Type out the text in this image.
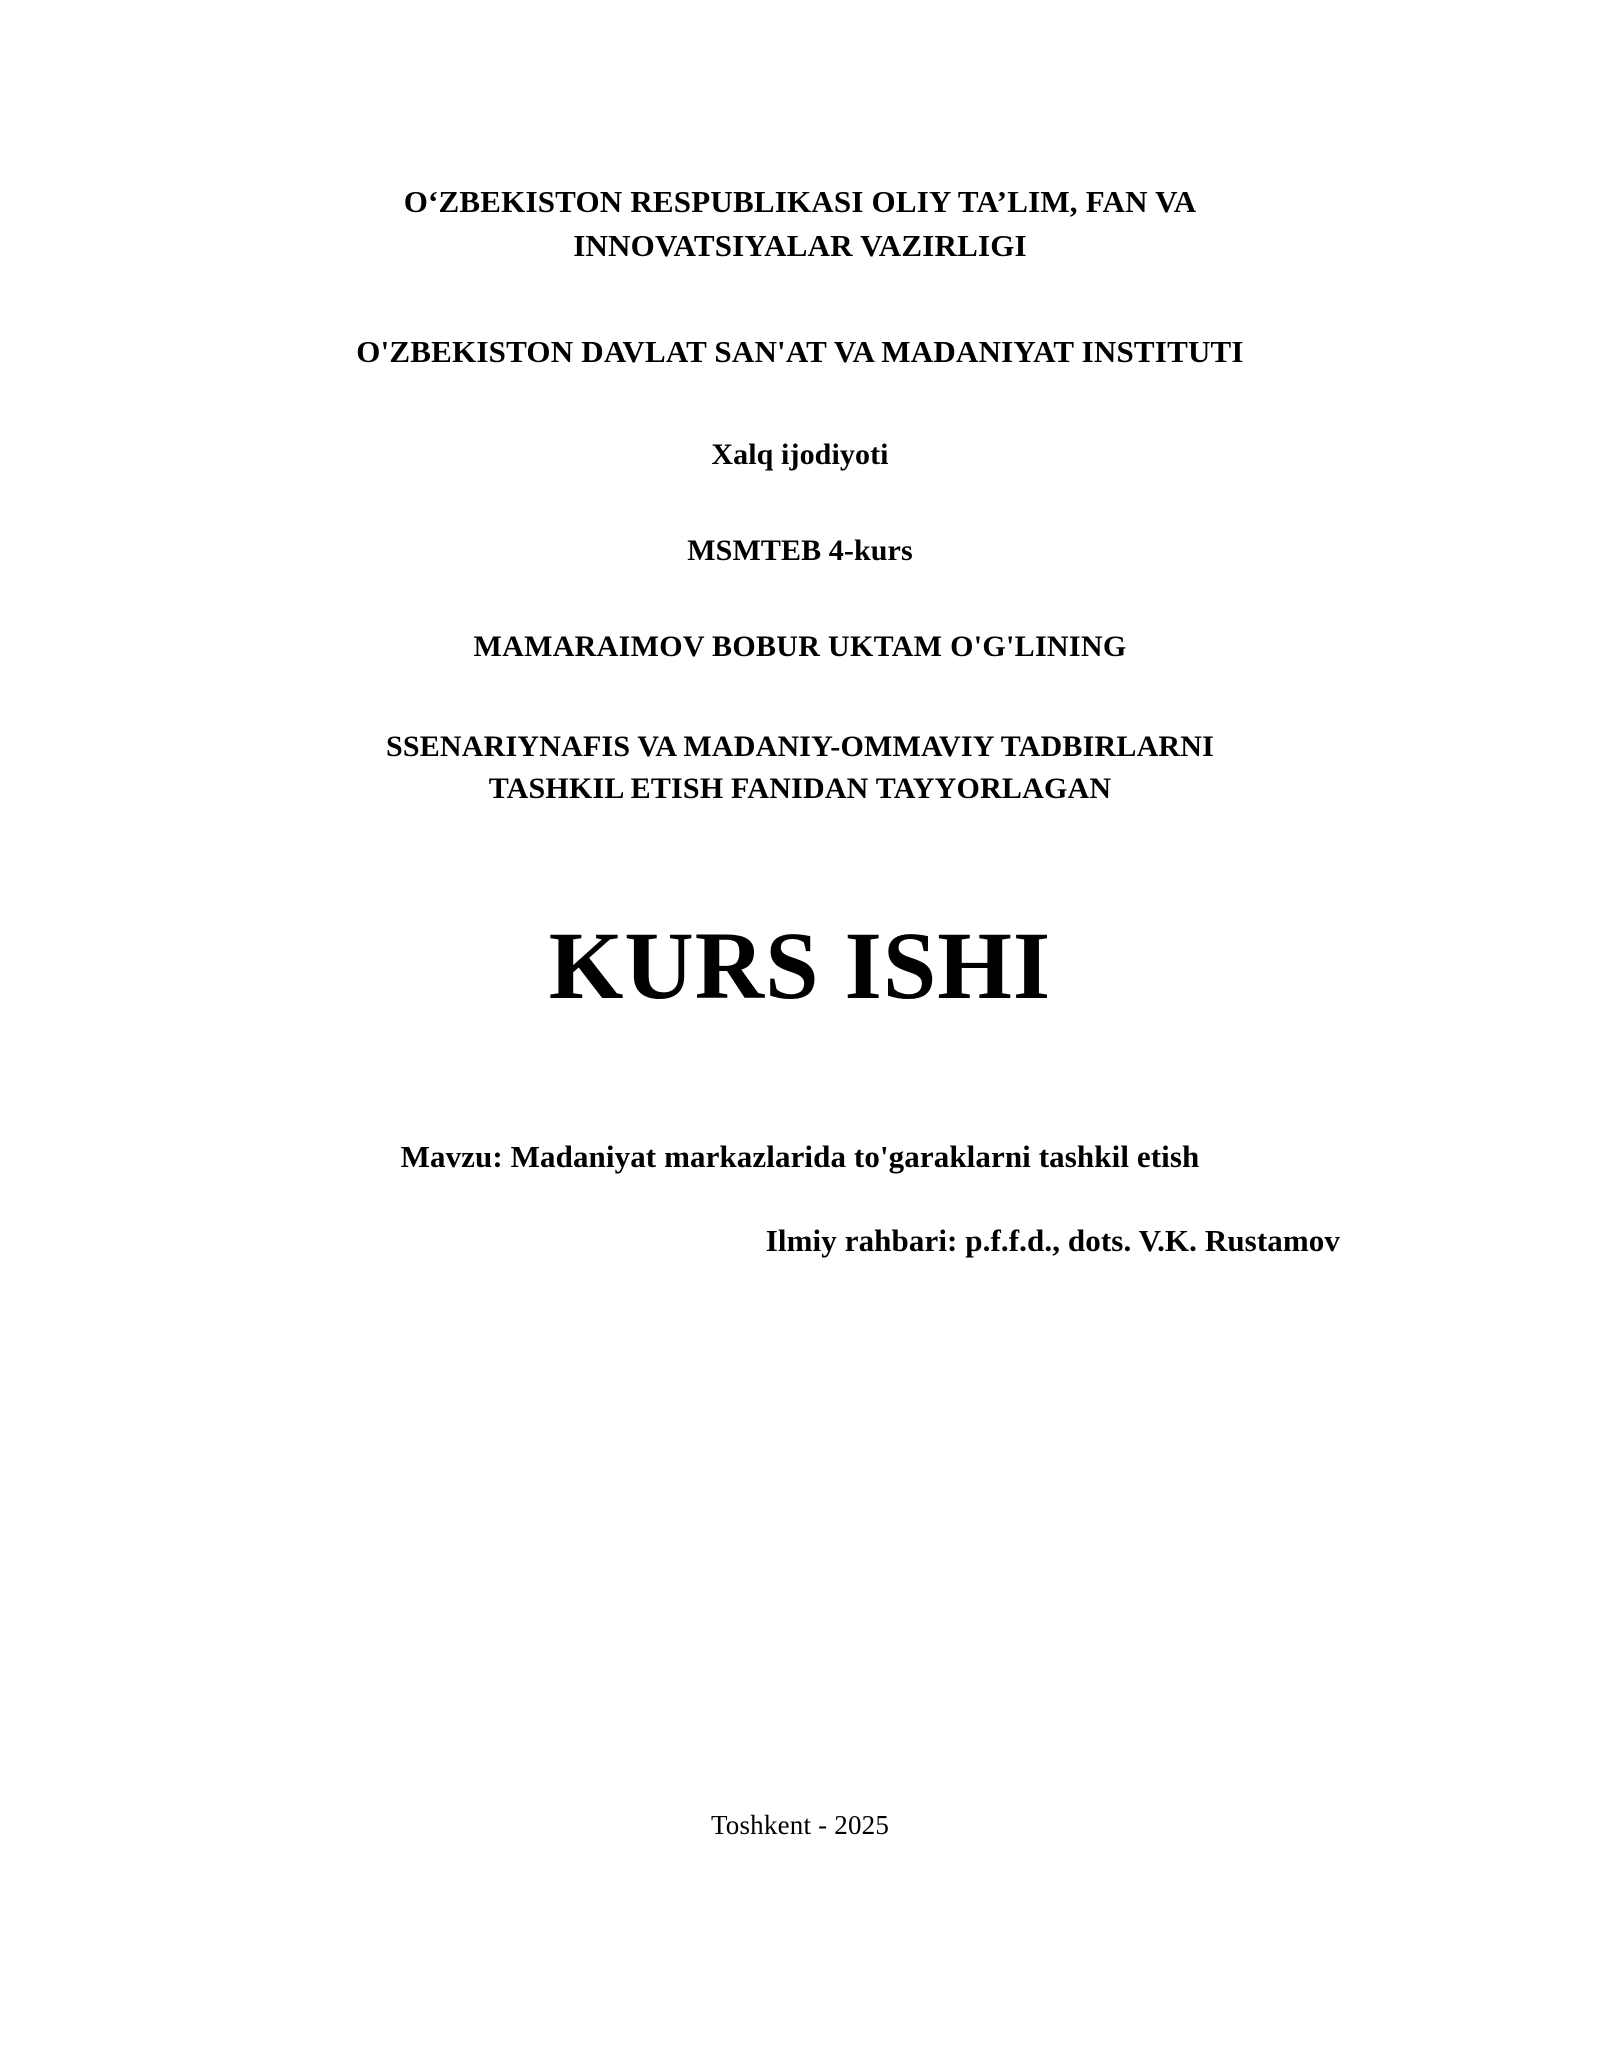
O‘ZBEKISTON RESPUBLIKASI OLIY TA’LIM, FAN VA
INNOVATSIYALAR VAZIRLIGI
O'ZBEKISTON DAVLAT SAN'AT VA MADANIYAT INSTITUTI
Xalq ijodiyoti
MSMTEB 4-kurs
MAMARAIMOV BOBUR UKTAM O'G'LINING
SSENARIYNAFIS VA MADANIY-OMMAVIY TADBIRLARNI
TASHKIL ETISH FANIDAN TAYYORLAGAN
KURS ISHI
Mavzu: Madaniyat markazlarida to'garaklarni tashkil etish
Ilmiy rahbari: p.f.f.d., dots. V.K. Rustamov
Toshkent - 2025
